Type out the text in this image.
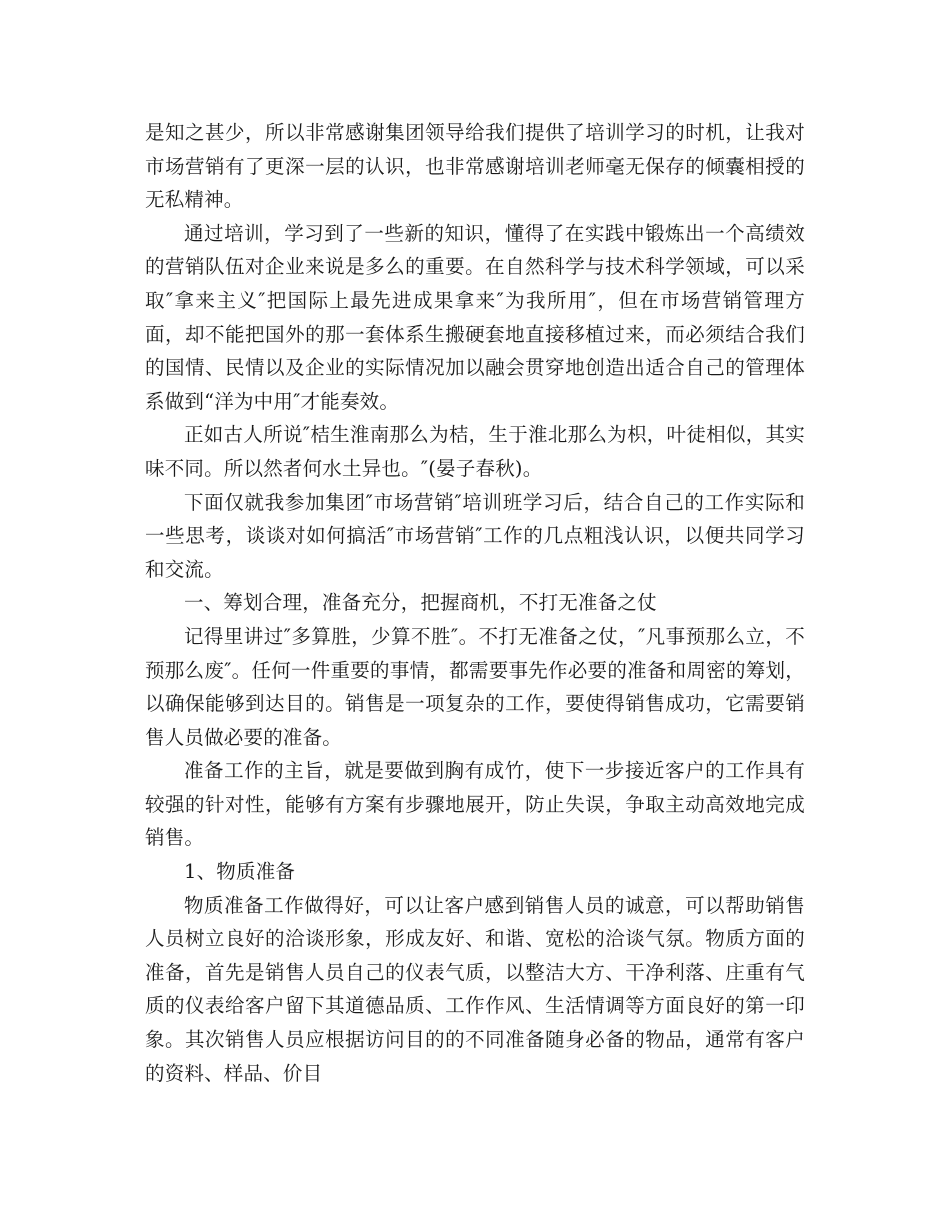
是知之甚少，所以非常感谢集团领导给我们提供了培训学习的时机，让我对市场营销有了更深一层的认识，也非常感谢培训老师毫无保存的倾囊相授的无私精神。

通过培训，学习到了一些新的知识，懂得了在实践中锻炼出一个高绩效的营销队伍对企业来说是多么的重要。在自然科学与技术科学领域，可以采取″拿来主义″把国际上最先进成果拿来″为我所用″，但在市场营销管理方面，却不能把国外的那一套体系生搬硬套地直接移植过来，而必须结合我们的国情、民情以及企业的实际情况加以融会贯穿地创造出适合自己的管理体系做到“洋为中用″才能奏效。

正如古人所说″桔生淮南那么为桔，生于淮北那么为枳，叶徒相似，其实味不同。所以然者何水土异也。″(晏子春秋)。

下面仅就我参加集团″市场营销″培训班学习后，结合自己的工作实际和一些思考，谈谈对如何搞活″市场营销″工作的几点粗浅认识，以便共同学习和交流。

一、筹划合理，准备充分，把握商机，不打无准备之仗

记得里讲过″多算胜，少算不胜″。不打无准备之仗，″凡事预那么立，不预那么废″。任何一件重要的事情，都需要事先作必要的准备和周密的筹划，以确保能够到达目的。销售是一项复杂的工作，要使得销售成功，它需要销售人员做必要的准备。

准备工作的主旨，就是要做到胸有成竹，使下一步接近客户的工作具有较强的针对性，能够有方案有步骤地展开，防止失误，争取主动高效地完成销售。

1、物质准备

物质准备工作做得好，可以让客户感到销售人员的诚意，可以帮助销售人员树立良好的洽谈形象，形成友好、和谐、宽松的洽谈气氛。物质方面的准备，首先是销售人员自己的仪表气质，以整洁大方、干净利落、庄重有气质的仪表给客户留下其道德品质、工作作风、生活情调等方面良好的第一印象。其次销售人员应根据访问目的的不同准备随身必备的物品，通常有客户的资料、样品、价目
